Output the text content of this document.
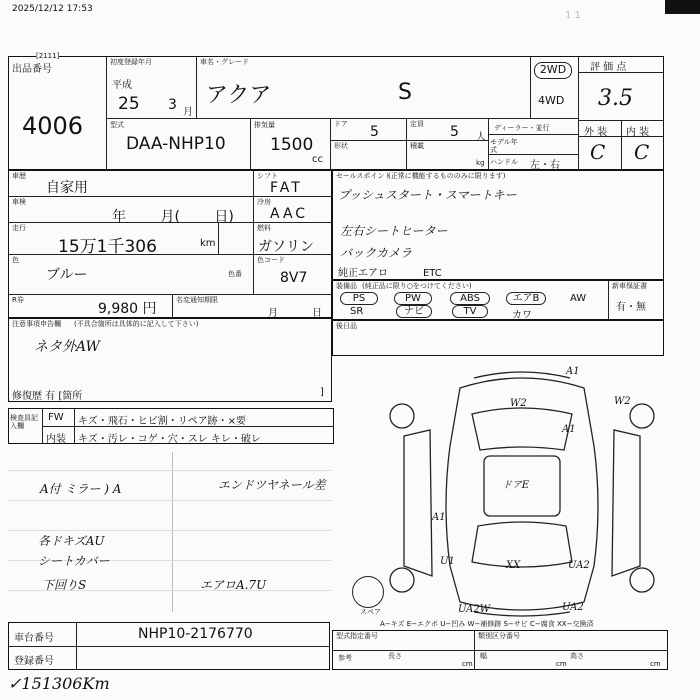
2025/12/12 17:53
1 1
[2111]
出品番号
4006
初度登録年月
平成
25 3 月
車名・グレード
アクア	S
2WD
4WD
評 価 点
3.5
型式
DAA-NHP10
排気量
1500
cc
ドア 5	定員 5 人
形状	積載
kg
ディーラー・並行
モデル年式
ハンドル 左・右
外 装 内 装
C C
車歴
自家用
シフト
FAT
車検
年 月( 日)
冷房
AAC
走行
15万1千306	km
燃料
ガソリン
色
ブルー	色番
色コード
8V7
R券
9,980 円
名変通知期限
月	日
注意事項申告欄 (不具合箇所は具体的に記入して下さい)
ネタ外AW
修復歴 有 [箇所	]
セールスポイント
(正常に機能するもののみに限ります)
プッシュスタート・スマートキー
左右シートヒーター
バックカメラ
純正エアロ           ETC
装備品 (純正品に限り○をつけてください)	新車保証書
有・無
PS	PW	ABS	エアB	AW
SR	ナビ	TV	カワ
後日品
検査員記入欄
FW キズ・飛石・ヒビ割・リペア跡・×要
内装 キズ・汚レ・コゲ・穴・スレ キレ・破レ
A付 ミラー ) A	エンドツヤネール差
各ドキズAU
シートカバー
下回りS	エアロA.7U
スペア
A1
W2	W2
A1
A1
ドアE
XX
U1	UA2
UA2
UA2W
A−キズ E−エクボ U−凹み W−補修跡 S−サビ C−腐食 XX−交換済
車台番号	NHP10-2176770
登録番号
型式指定番号	類別区分番号
参考	長さ
cm
幅
cm
高さ
cm
✓151306Km
